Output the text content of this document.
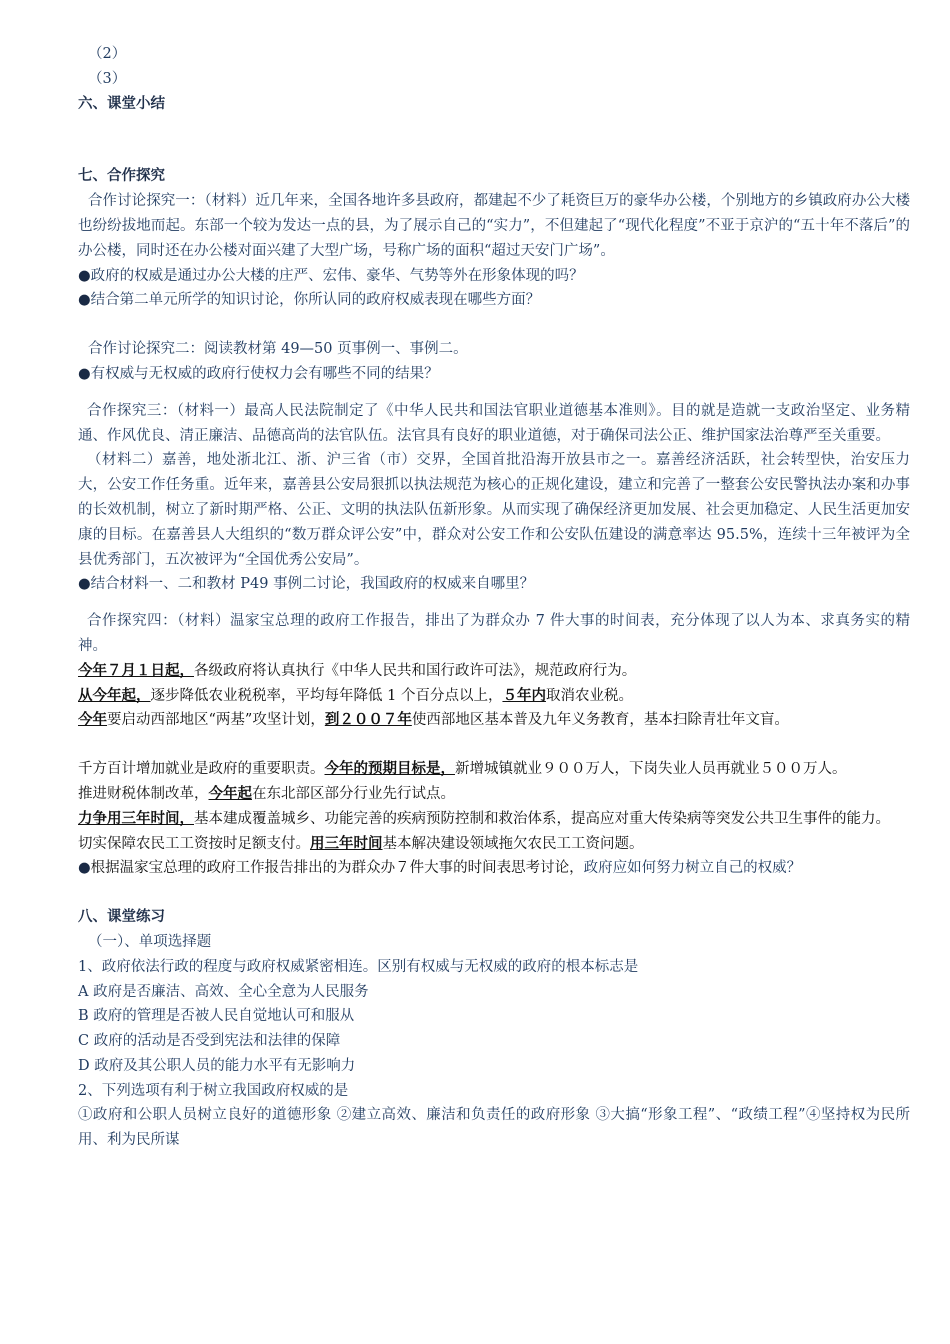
（2）
（3）
六、课堂小结
七、合作探究
合作讨论探究一：（材料）近几年来，全国各地许多县政府，都建起不少了耗资巨万的豪华办公楼，个别地方的乡镇政府办公大楼也纷纷拔地而起。东部一个较为发达一点的县，为了展示自己的“实力”，不但建起了“现代化程度”不亚于京沪的“五十年不落后”的办公楼，同时还在办公楼对面兴建了大型广场，号称广场的面积“超过天安门广场”。
●政府的权威是通过办公大楼的庄严、宏伟、豪华、气势等外在形象体现的吗？
●结合第二单元所学的知识讨论，你所认同的政府权威表现在哪些方面？
合作讨论探究二：阅读教材第 49—50 页事例一、事例二。
●有权威与无权威的政府行使权力会有哪些不同的结果？
合作探究三：（材料一）最高人民法院制定了《中华人民共和国法官职业道德基本准则》。目的就是造就一支政治坚定、业务精通、作风优良、清正廉洁、品德高尚的法官队伍。法官具有良好的职业道德，对于确保司法公正、维护国家法治尊严至关重要。
（材料二）嘉善，地处浙北江、浙、沪三省（市）交界，全国首批沿海开放县市之一。嘉善经济活跃，社会转型快，治安压力大，公安工作任务重。近年来，嘉善县公安局狠抓以执法规范为核心的正规化建设，建立和完善了一整套公安民警执法办案和办事的长效机制，树立了新时期严格、公正、文明的执法队伍新形象。从而实现了确保经济更加发展、社会更加稳定、人民生活更加安康的目标。在嘉善县人大组织的“数万群众评公安”中，群众对公安工作和公安队伍建设的满意率达 95.5%，连续十三年被评为全县优秀部门，五次被评为“全国优秀公安局”。
●结合材料一、二和教材 P49 事例二讨论，我国政府的权威来自哪里？
合作探究四：（材料）温家宝总理的政府工作报告，排出了为群众办 7 件大事的时间表，充分体现了以人为本、求真务实的精神。
今年７月１日起，各级政府将认真执行《中华人民共和国行政许可法》，规范政府行为。
从今年起，逐步降低农业税税率，平均每年降低 1 个百分点以上，５年内取消农业税。
今年要启动西部地区“两基”攻坚计划，到２００７年使西部地区基本普及九年义务教育，基本扫除青壮年文盲。
千方百计增加就业是政府的重要职责。今年的预期目标是，新增城镇就业９００万人，下岗失业人员再就业５００万人。
推进财税体制改革，今年起在东北部区部分行业先行试点。
力争用三年时间，基本建成覆盖城乡、功能完善的疾病预防控制和救治体系，提高应对重大传染病等突发公共卫生事件的能力。
切实保障农民工工资按时足额支付。用三年时间基本解决建设领域拖欠农民工工资问题。
●根据温家宝总理的政府工作报告排出的为群众办７件大事的时间表思考讨论，政府应如何努力树立自己的权威？
八、课堂练习
（一）、单项选择题
1、政府依法行政的程度与政府权威紧密相连。区别有权威与无权威的政府的根本标志是
A 政府是否廉洁、高效、全心全意为人民服务
B 政府的管理是否被人民自觉地认可和服从
C 政府的活动是否受到宪法和法律的保障
D 政府及其公职人员的能力水平有无影响力
2、下列选项有利于树立我国政府权威的是
①政府和公职人员树立良好的道德形象 ②建立高效、廉洁和负责任的政府形象 ③大搞“形象工程”、“政绩工程”④坚持权为民所用、利为民所谋
